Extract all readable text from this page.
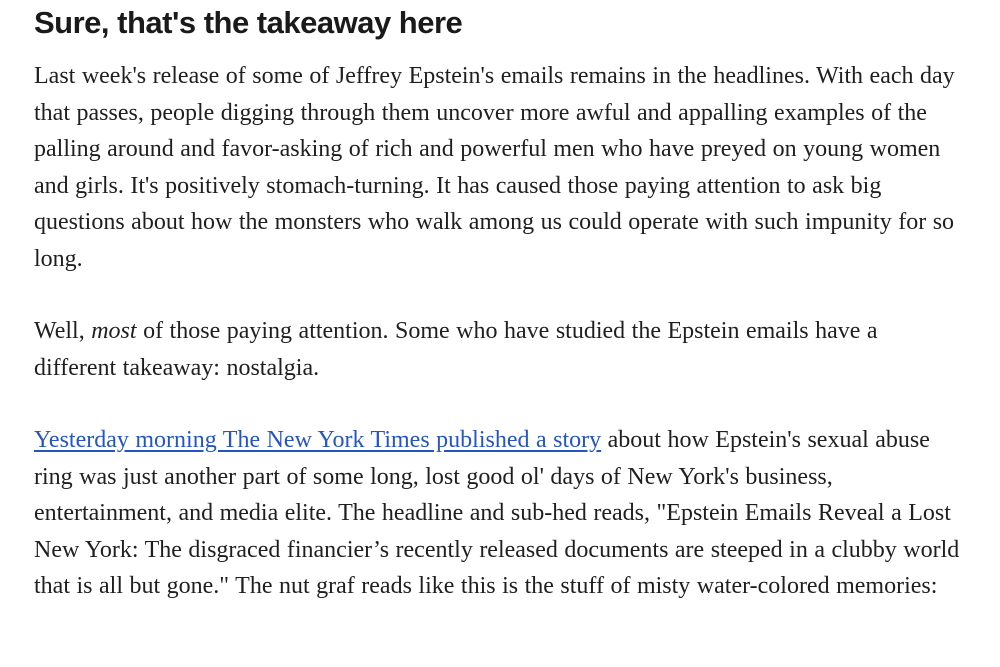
Sure, that's the takeaway here

Last week's release of some of Jeffrey Epstein's emails remains in the headlines. With each day that passes, people digging through them uncover more awful and appalling examples of the palling around and favor-asking of rich and powerful men who have preyed on young women and girls. It's positively stomach-turning. It has caused those paying attention to ask big questions about how the monsters who walk among us could operate with such impunity for so long.

Well, most of those paying attention. Some who have studied the Epstein emails have a different takeaway: nostalgia.

Yesterday morning The New York Times published a story about how Epstein's sexual abuse ring was just another part of some long, lost good ol' days of New York's business, entertainment, and media elite. The headline and sub-hed reads, "Epstein Emails Reveal a Lost New York: The disgraced financier’s recently released documents are steeped in a clubby world that is all but gone." The nut graf reads like this is the stuff of misty water-colored memories:
